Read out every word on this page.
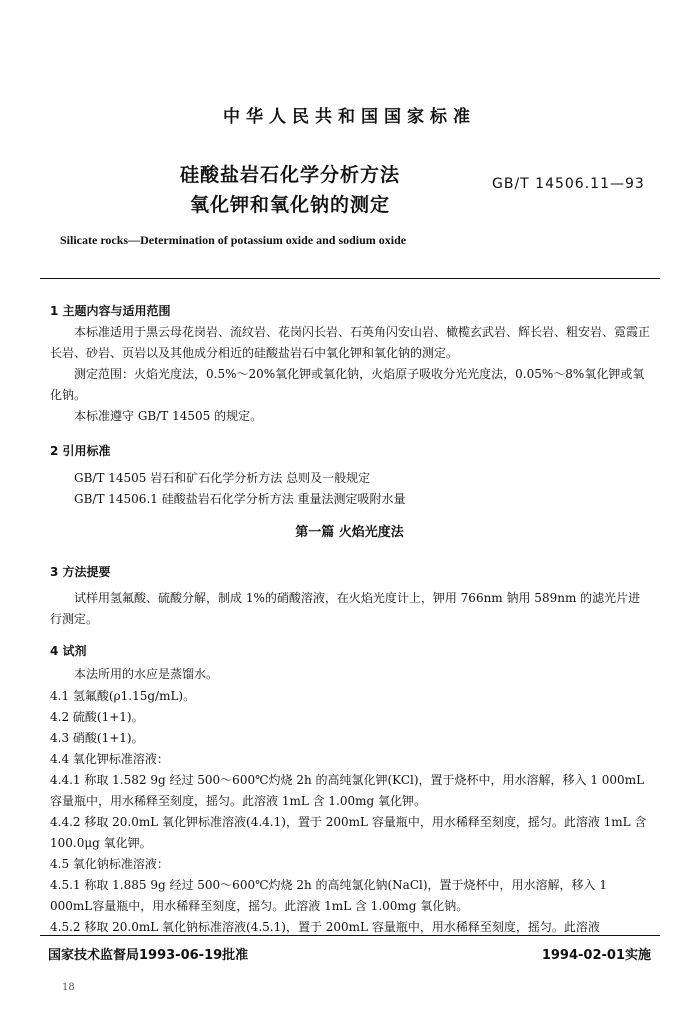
中华人民共和国国家标准
硅酸盐岩石化学分析方法
氧化钾和氧化钠的测定
GB/T 14506.11—93
Silicate rocks—Determination of potassium oxide and sodium oxide
1 主题内容与适用范围
本标准适用于黑云母花岗岩、流纹岩、花岗闪长岩、石英角闪安山岩、橄榄玄武岩、辉长岩、粗安岩、霓霞正长岩、砂岩、页岩以及其他成分相近的硅酸盐岩石中氧化钾和氧化钠的测定。
测定范围：火焰光度法，0.5%～20%氧化钾或氧化钠，火焰原子吸收分光光度法，0.05%～8%氧化钾或氧化钠。
本标准遵守 GB/T 14505 的规定。
2 引用标准
GB/T 14505 岩石和矿石化学分析方法 总则及一般规定
GB/T 14506.1 硅酸盐岩石化学分析方法 重量法测定吸附水量
第一篇 火焰光度法
3 方法提要
试样用氢氟酸、硫酸分解，制成 1%的硝酸溶液，在火焰光度计上，钾用 766nm 钠用 589nm 的滤光片进行测定。
4 试剂
本法所用的水应是蒸馏水。
4.1 氢氟酸(ρ1.15g/mL)。
4.2 硫酸(1+1)。
4.3 硝酸(1+1)。
4.4 氧化钾标准溶液：
4.4.1 称取 1.582 9g 经过 500～600℃灼烧 2h 的高纯氯化钾(KCl)，置于烧杯中，用水溶解，移入 1 000mL容量瓶中，用水稀释至刻度，摇匀。此溶液 1mL 含 1.00mg 氧化钾。
4.4.2 移取 20.0mL 氧化钾标准溶液(4.4.1)，置于 200mL 容量瓶中，用水稀释至刻度，摇匀。此溶液 1mL 含 100.0μg 氧化钾。
4.5 氧化钠标准溶液：
4.5.1 称取 1.885 9g 经过 500～600℃灼烧 2h 的高纯氯化钠(NaCl)，置于烧杯中，用水溶解，移入 1 000mL容量瓶中，用水稀释至刻度，摇匀。此溶液 1mL 含 1.00mg 氧化钠。
4.5.2 移取 20.0mL 氧化钠标准溶液(4.5.1)，置于 200mL 容量瓶中，用水稀释至刻度，摇匀。此溶液
国家技术监督局1993-06-19批准	1994-02-01实施
18
